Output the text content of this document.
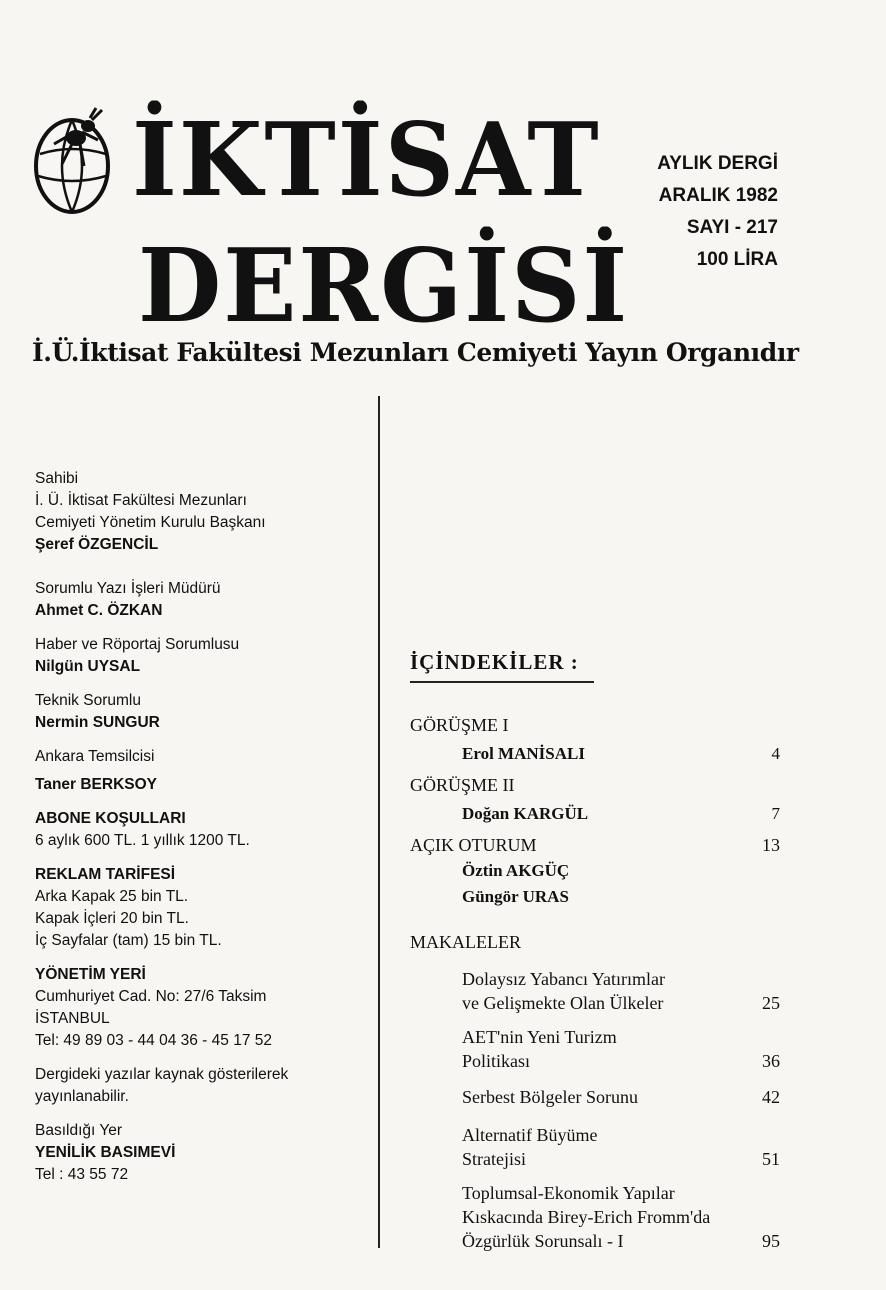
İKTİSAT
DERGİSİ
AYLIK DERGİ
ARALIK 1982
SAYI - 217
100 LİRA
İ.Ü.İktisat Fakültesi Mezunları Cemiyeti Yayın Organıdır
Sahibi
İ. Ü. İktisat Fakültesi Mezunları
Cemiyeti Yönetim Kurulu Başkanı
Şeref ÖZGENCİL
Sorumlu Yazı İşleri Müdürü
Ahmet C. ÖZKAN
Haber ve Röportaj Sorumlusu
Nilgün UYSAL
Teknik Sorumlu
Nermin SUNGUR
Ankara Temsilcisi
Taner BERKSOY
ABONE KOŞULLARI
6 aylık 600 TL. 1 yıllık 1200 TL.
REKLAM TARİFESİ
Arka Kapak 25 bin TL.
Kapak İçleri 20 bin TL.
İç Sayfalar (tam) 15 bin TL.
YÖNETİM YERİ
Cumhuriyet Cad. No: 27/6 Taksim
İSTANBUL
Tel: 49 89 03 - 44 04 36 - 45 17 52
Dergideki yazılar kaynak gösterilerek
yayınlanabilir.
Basıldığı Yer
YENİLİK BASIMEVİ
Tel : 43 55 72
İÇİNDEKİLER :
GÖRÜŞME I
Erol MANİSALI	4
GÖRÜŞME II
Doğan KARGÜL	7
AÇIK OTURUM	13
Öztin AKGÜÇ
Güngör URAS
MAKALELER
Dolaysız Yabancı Yatırımlar
ve Gelişmekte Olan Ülkeler	25
AET'nin Yeni Turizm
Politikası	36
Serbest Bölgeler Sorunu	42
Alternatif Büyüme
Stratejisi	51
Toplumsal-Ekonomik Yapılar
Kıskacında Birey-Erich Fromm'da
Özgürlük Sorunsalı - I	95
